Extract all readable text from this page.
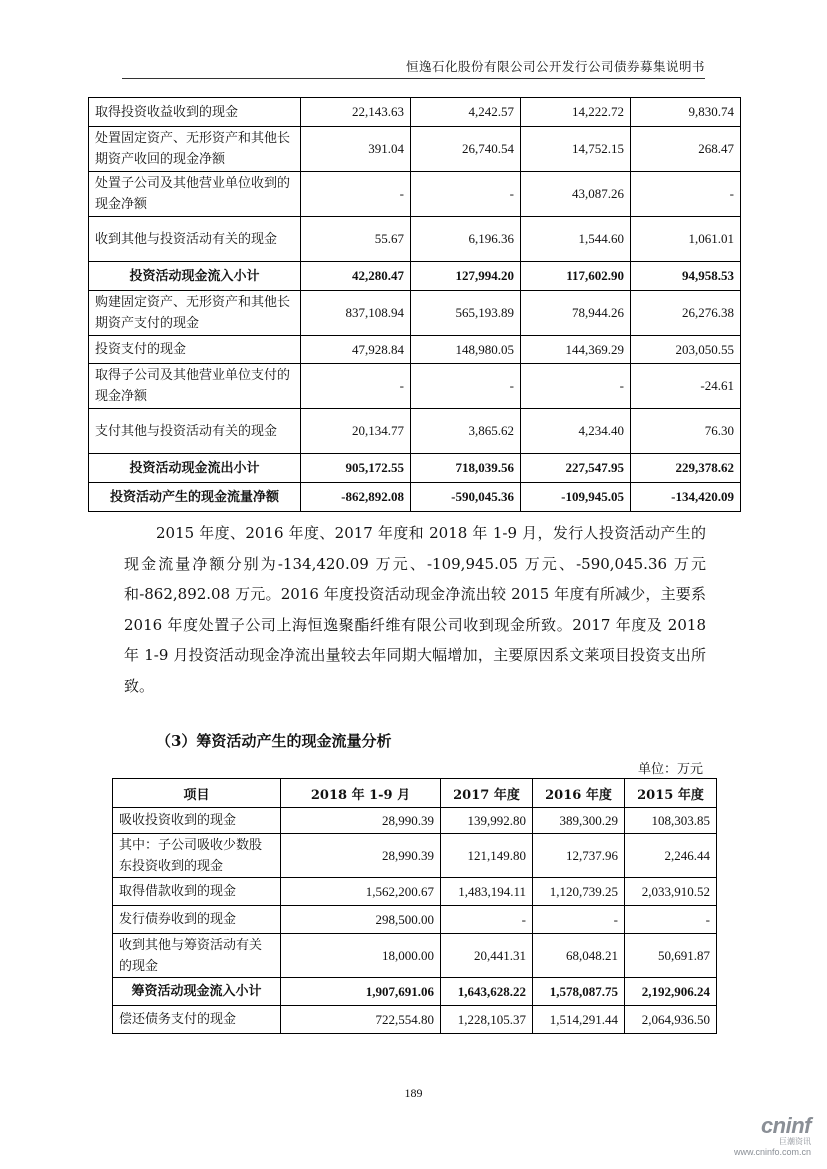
恒逸石化股份有限公司公开发行公司债券募集说明书
取得投资收益收到的现金	22,143.63	4,242.57	14,222.72	9,830.74
处置固定资产、无形资产和其他长期资产收回的现金净额	391.04	26,740.54	14,752.15	268.47
处置子公司及其他营业单位收到的现金净额	-	-	43,087.26	-
收到其他与投资活动有关的现金	55.67	6,196.36	1,544.60	1,061.01
投资活动现金流入小计	42,280.47	127,994.20	117,602.90	94,958.53
购建固定资产、无形资产和其他长期资产支付的现金	837,108.94	565,193.89	78,944.26	26,276.38
投资支付的现金	47,928.84	148,980.05	144,369.29	203,050.55
取得子公司及其他营业单位支付的现金净额	-	-	-	-24.61
支付其他与投资活动有关的现金	20,134.77	3,865.62	4,234.40	76.30
投资活动现金流出小计	905,172.55	718,039.56	227,547.95	229,378.62
投资活动产生的现金流量净额	-862,892.08	-590,045.36	-109,945.05	-134,420.09
2015 年度、2016 年度、2017 年度和 2018 年 1-9 月，发行人投资活动产生的现金流量净额分别为-134,420.09 万元、-109,945.05 万元、-590,045.36 万元和-862,892.08 万元。2016 年度投资活动现金净流出较 2015 年度有所减少，主要系 2016 年度处置子公司上海恒逸聚酯纤维有限公司收到现金所致。2017 年度及 2018 年 1-9 月投资活动现金净流出量较去年同期大幅增加，主要原因系文莱项目投资支出所致。
（3）筹资活动产生的现金流量分析
单位：万元
项目	2018 年 1-9 月	2017 年度	2016 年度	2015 年度
吸收投资收到的现金	28,990.39	139,992.80	389,300.29	108,303.85
其中：子公司吸收少数股东投资收到的现金	28,990.39	121,149.80	12,737.96	2,246.44
取得借款收到的现金	1,562,200.67	1,483,194.11	1,120,739.25	2,033,910.52
发行债券收到的现金	298,500.00	-	-	-
收到其他与筹资活动有关的现金	18,000.00	20,441.31	68,048.21	50,691.87
筹资活动现金流入小计	1,907,691.06	1,643,628.22	1,578,087.75	2,192,906.24
偿还债务支付的现金	722,554.80	1,228,105.37	1,514,291.44	2,064,936.50
189
cninf
巨潮资讯
www.cninfo.com.cn
